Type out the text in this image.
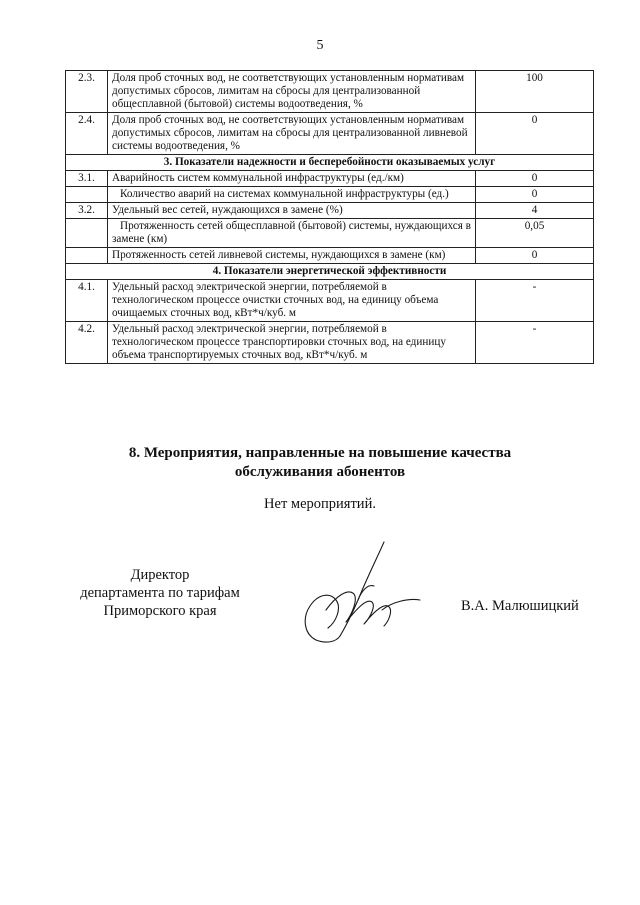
5
2.3.	Доля проб сточных вод, не соответствующих установленным нормативам допустимых сбросов, лимитам на сбросы для централизованной общесплавной (бытовой) системы водоотведения, %	100
2.4.	Доля проб сточных вод, не соответствующих установленным нормативам допустимых сбросов, лимитам на сбросы для централизованной ливневой системы водоотведения, %	0
3. Показатели надежности и бесперебойности оказываемых услуг		
3.1.	Аварийность систем коммунальной инфраструктуры (ед./км)	0
	Количество аварий на системах коммунальной инфраструктуры (ед.)	0
3.2.	Удельный вес сетей, нуждающихся в замене (%)	4
	Протяженность сетей общесплавной (бытовой) системы, нуждающихся в замене (км)	0,05
	Протяженность сетей ливневой системы, нуждающихся в замене (км)	0
4. Показатели энергетической эффективности		
4.1.	Удельный расход электрической энергии, потребляемой в технологическом процессе очистки сточных вод, на единицу объема очищаемых сточных вод, кВт*ч/куб. м	-
4.2.	Удельный расход электрической энергии, потребляемой в технологическом процессе транспортировки сточных вод, на единицу объема транспортируемых сточных вод, кВт*ч/куб. м	-
8. Мероприятия, направленные на повышение качества
обслуживания абонентов
Нет мероприятий.
Директор
департамента по тарифам
Приморского края	В.А. Малюшицкий
